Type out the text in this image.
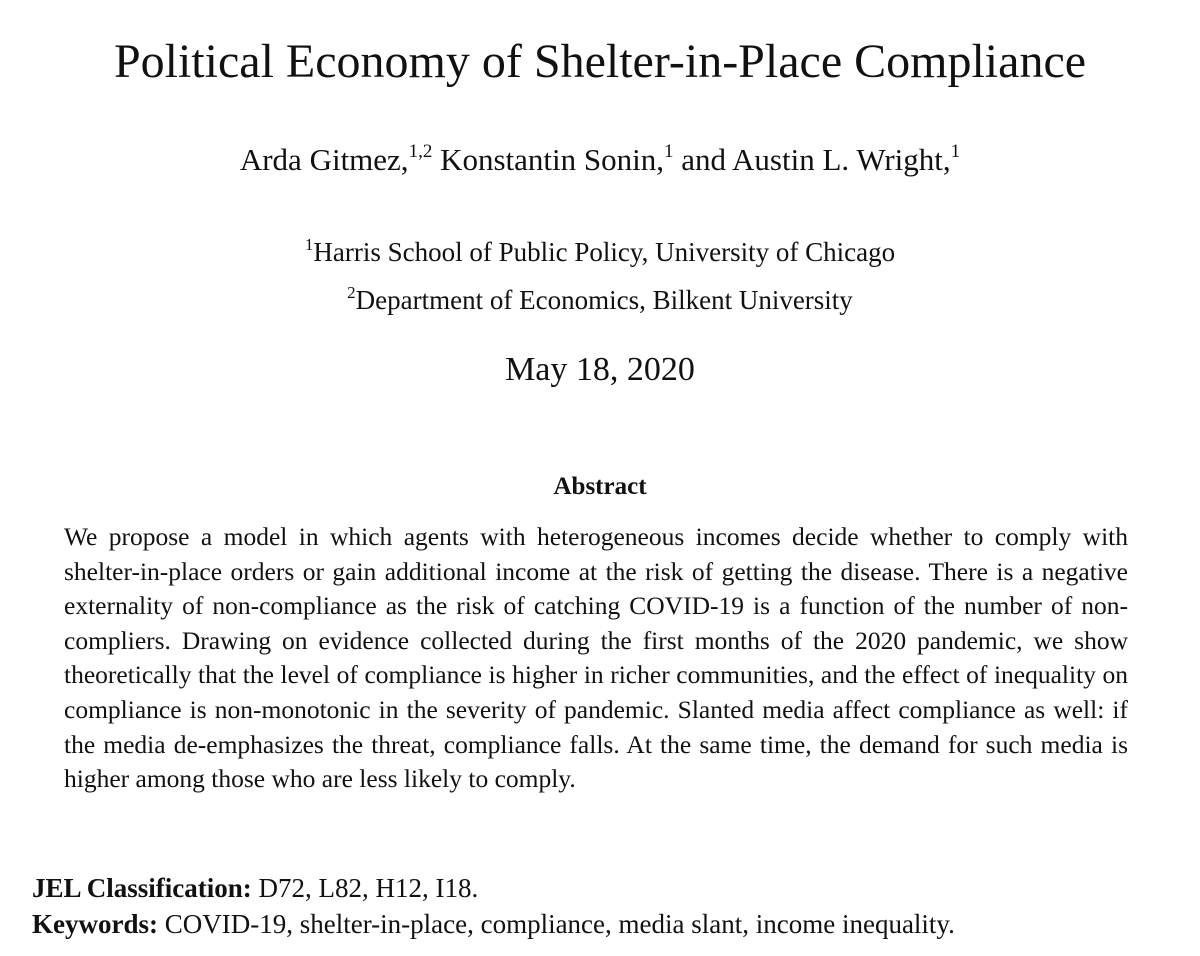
Political Economy of Shelter-in-Place Compliance
Arda Gitmez,$^{1,2}$ Konstantin Sonin,$^1$ and Austin L. Wright,$^1$
$^1$Harris School of Public Policy, University of Chicago
$^2$Department of Economics, Bilkent University
May 18, 2020
Abstract
We propose a model in which agents with heterogeneous incomes decide whether to comply with shelter-in-place orders or gain additional income at the risk of getting the disease. There is a negative externality of non-compliance as the risk of catching COVID-19 is a function of the number of non-compliers. Drawing on evidence collected during the first months of the 2020 pandemic, we show theoretically that the level of compliance is higher in richer communities, and the effect of inequality on compliance is non-monotonic in the severity of pandemic. Slanted media affect compliance as well: if the media de-emphasizes the threat, compliance falls. At the same time, the demand for such media is higher among those who are less likely to comply.
JEL Classification: D72, L82, H12, I18.
Keywords: COVID-19, shelter-in-place, compliance, media slant, income inequality.
